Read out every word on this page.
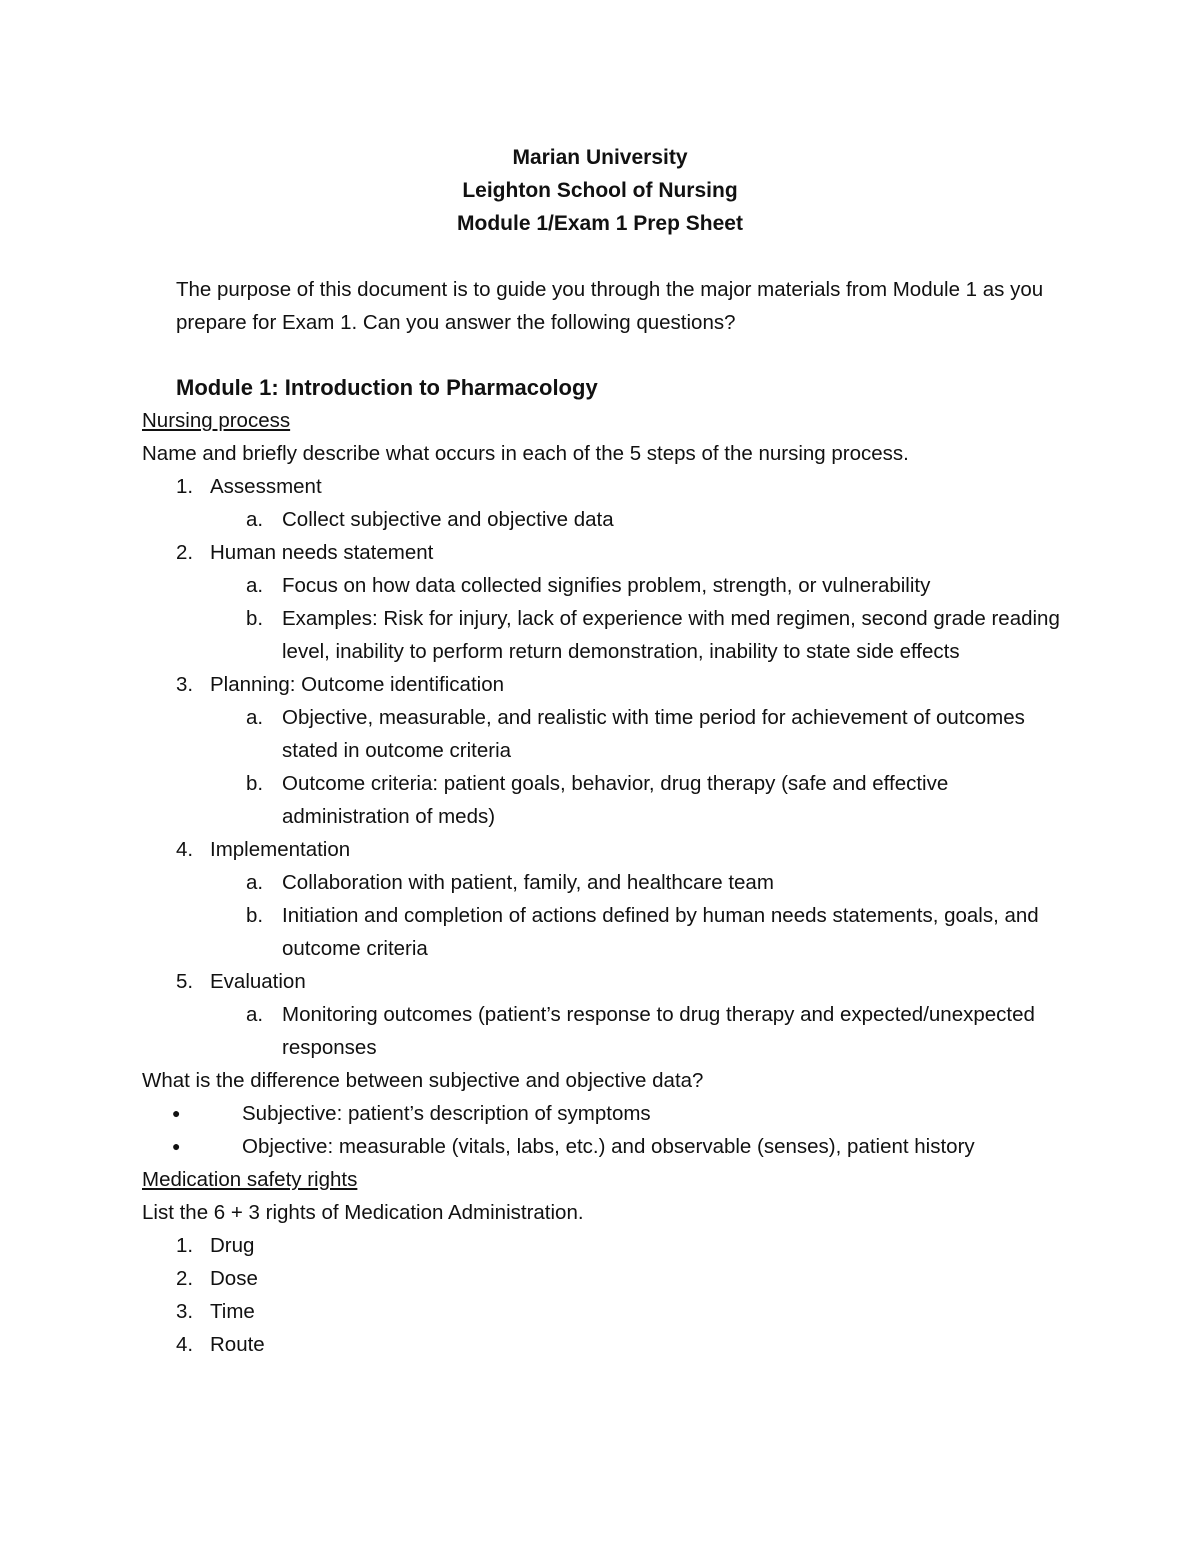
Marian University
Leighton School of Nursing
Module 1/Exam 1 Prep Sheet
The purpose of this document is to guide you through the major materials from Module 1 as you prepare for Exam 1. Can you answer the following questions?
Module 1: Introduction to Pharmacology
Nursing process
Name and briefly describe what occurs in each of the 5 steps of the nursing process.
1. Assessment
a. Collect subjective and objective data
2. Human needs statement
a. Focus on how data collected signifies problem, strength, or vulnerability
b. Examples: Risk for injury, lack of experience with med regimen, second grade reading level, inability to perform return demonstration, inability to state side effects
3. Planning: Outcome identification
a. Objective, measurable, and realistic with time period for achievement of outcomes stated in outcome criteria
b. Outcome criteria: patient goals, behavior, drug therapy (safe and effective administration of meds)
4. Implementation
a. Collaboration with patient, family, and healthcare team
b. Initiation and completion of actions defined by human needs statements, goals, and outcome criteria
5. Evaluation
a. Monitoring outcomes (patient’s response to drug therapy and expected/unexpected responses
What is the difference between subjective and objective data?
●	Subjective: patient’s description of symptoms
●	Objective: measurable (vitals, labs, etc.) and observable (senses), patient history
Medication safety rights
List the 6 + 3 rights of Medication Administration.
1. Drug
2. Dose
3. Time
4. Route
